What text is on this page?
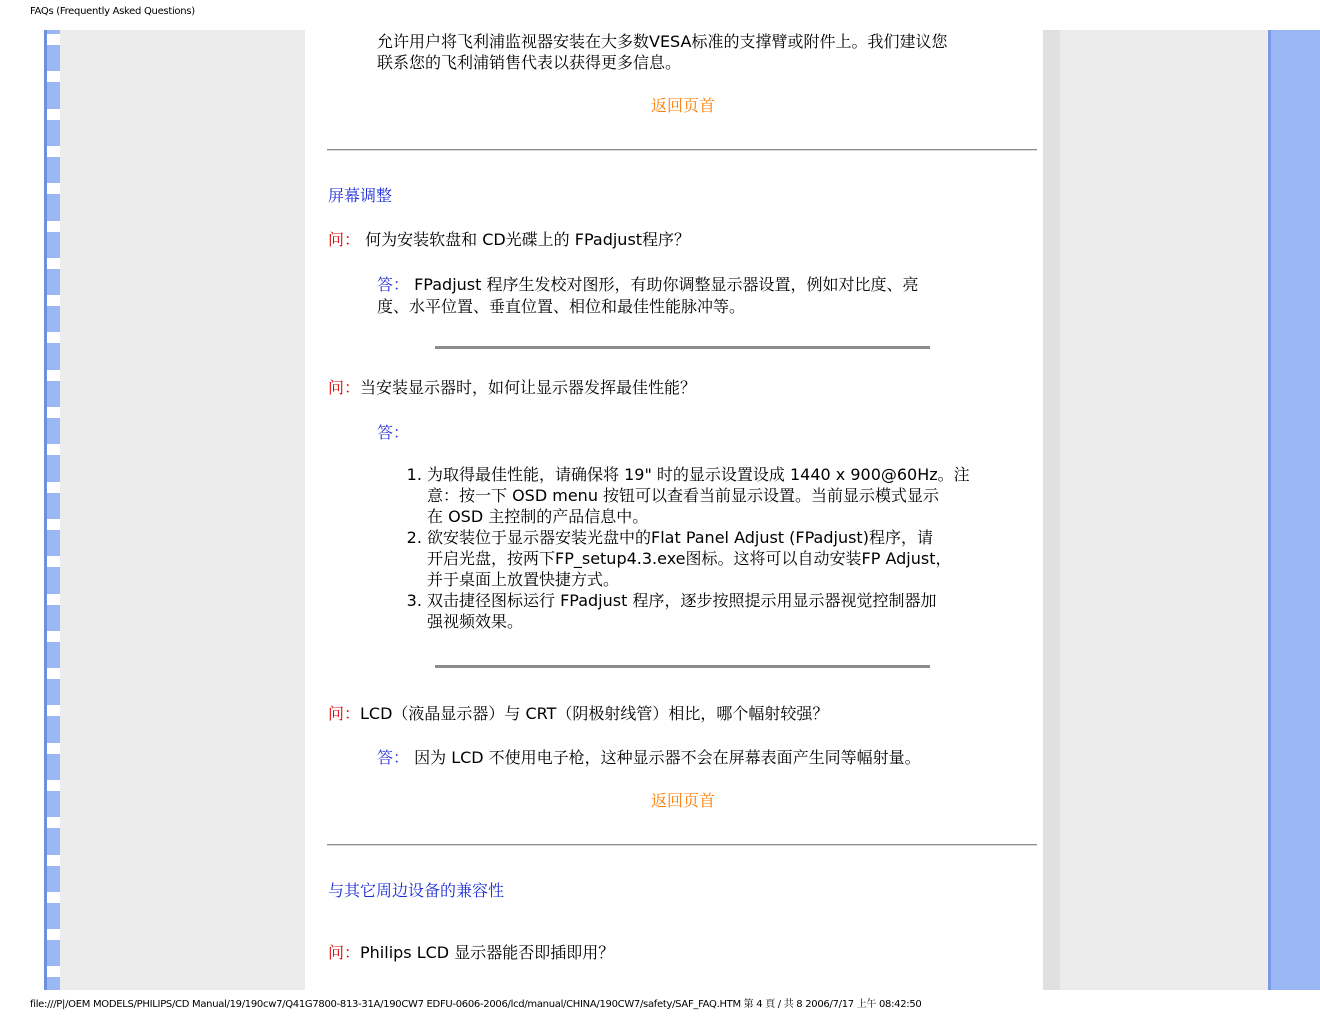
FAQs (Frequently Asked Questions)
允许用户将飞利浦监视器安装在大多数VESA标准的支撑臂或附件上。我们建议您
联系您的飞利浦销售代表以获得更多信息。
返回页首
屏幕调整
问： 何为安装软盘和 CD光碟上的 FPadjust程序？
答： FPadjust 程序生发校对图形，有助你调整显示器设置，例如对比度、亮
度、水平位置、垂直位置、相位和最佳性能脉冲等。
问：当安装显示器时，如何让显示器发挥最佳性能？
答：
1. 为取得最佳性能，请确保将 19" 时的显示设置设成 1440 x 900@60Hz。注
意：按一下 OSD menu 按钮可以查看当前显示设置。当前显示模式显示
在 OSD 主控制的产品信息中。
2. 欲安装位于显示器安装光盘中的Flat Panel Adjust (FPadjust)程序，请
开启光盘，按两下FP_setup4.3.exe图标。这将可以自动安装FP Adjust，
并于桌面上放置快捷方式。
3. 双击捷径图标运行 FPadjust 程序，逐步按照提示用显示器视觉控制器加
强视频效果。
问：LCD（液晶显示器）与 CRT（阴极射线管）相比，哪个幅射较强？
答： 因为 LCD 不使用电子枪，这种显示器不会在屏幕表面产生同等幅射量。
返回页首
与其它周边设备的兼容性
问：Philips LCD 显示器能否即插即用？
file:///P|/OEM MODELS/PHILIPS/CD Manual/19/190cw7/Q41G7800-813-31A/190CW7 EDFU-0606-2006/lcd/manual/CHINA/190CW7/safety/SAF_FAQ.HTM 第 4 頁 / 共 8 2006/7/17 上午 08:42:50
